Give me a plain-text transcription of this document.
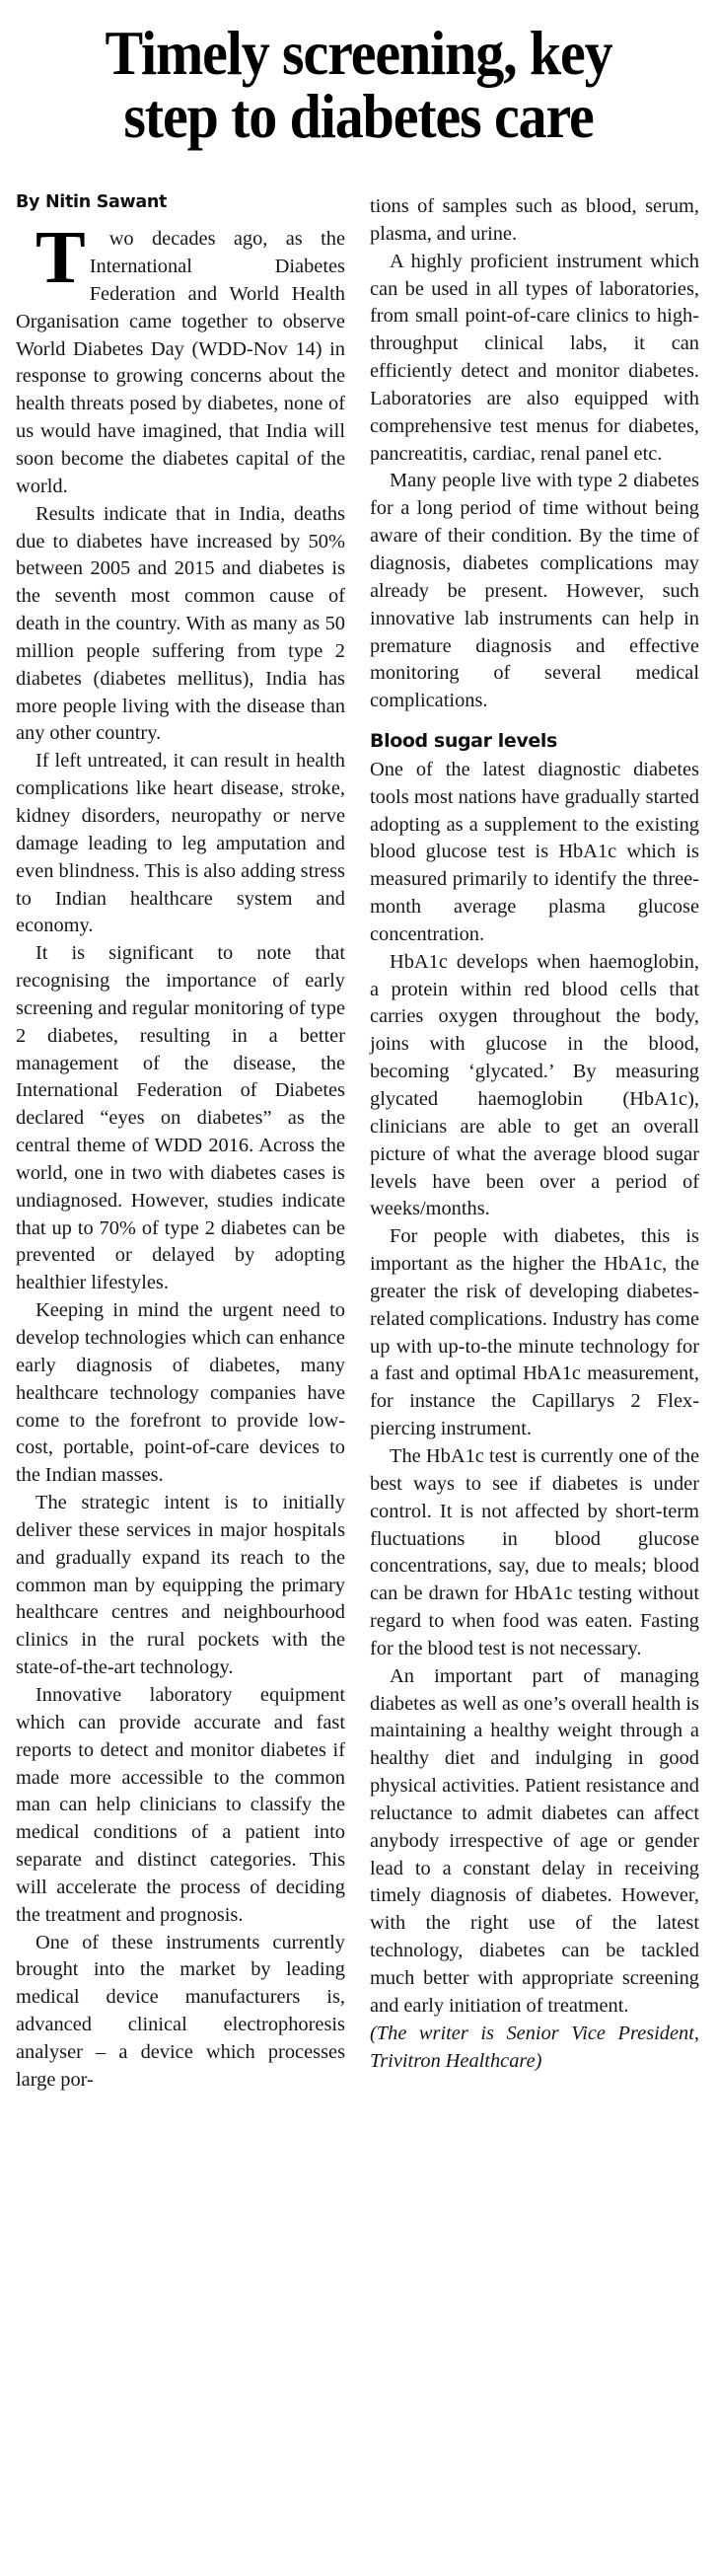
Timely screening, key
step to diabetes care
By Nitin Sawant

Two decades ago, as the International Diabetes Federation and World Health Organisation came together to observe World Diabetes Day (WDD-Nov 14) in response to growing concerns about the health threats posed by diabetes, none of us would have imagined, that India will soon become the diabetes capital of the world.

Results indicate that in India, deaths due to diabetes have increased by 50% between 2005 and 2015 and diabetes is the seventh most common cause of death in the country. With as many as 50 million people suffering from type 2 diabetes (diabetes mellitus), India has more people living with the disease than any other country.

If left untreated, it can result in health complications like heart disease, stroke, kidney disorders, neuropathy or nerve damage leading to leg amputation and even blindness. This is also adding stress to Indian healthcare system and economy.

It is significant to note that recognising the importance of early screening and regular monitoring of type 2 diabetes, resulting in a better management of the disease, the International Federation of Diabetes declared “eyes on diabetes” as the central theme of WDD 2016. Across the world, one in two with diabetes cases is undiagnosed. However, studies indicate that up to 70% of type 2 diabetes can be prevented or delayed by adopting healthier lifestyles.

Keeping in mind the urgent need to develop technologies which can enhance early diagnosis of diabetes, many healthcare technology companies have come to the forefront to provide low-cost, portable, point-of-care devices to the Indian masses.

The strategic intent is to initially deliver these services in major hospitals and gradually expand its reach to the common man by equipping the primary healthcare centres and neighbourhood clinics in the rural pockets with the state-of-the-art technology.

Innovative laboratory equipment which can provide accurate and fast reports to detect and monitor diabetes if made more accessible to the common man can help clinicians to classify the medical conditions of a patient into separate and distinct categories. This will accelerate the process of deciding the treatment and prognosis.

One of these instruments currently brought into the market by leading medical device manufacturers is, advanced clinical electrophoresis analyser – a device which processes large por-

tions of samples such as blood, serum, plasma, and urine.

A highly proficient instrument which can be used in all types of laboratories, from small point-of-care clinics to high-throughput clinical labs, it can efficiently detect and monitor diabetes. Laboratories are also equipped with comprehensive test menus for diabetes, pancreatitis, cardiac, renal panel etc.

Many people live with type 2 diabetes for a long period of time without being aware of their condition. By the time of diagnosis, diabetes complications may already be present. However, such innovative lab instruments can help in premature diagnosis and effective monitoring of several medical complications.

Blood sugar levels

One of the latest diagnostic diabetes tools most nations have gradually started adopting as a supplement to the existing blood glucose test is HbA1c which is measured primarily to identify the three-month average plasma glucose concentration.

HbA1c develops when haemoglobin, a protein within red blood cells that carries oxygen throughout the body, joins with glucose in the blood, becoming ‘glycated.’ By measuring glycated haemoglobin (HbA1c), clinicians are able to get an overall picture of what the average blood sugar levels have been over a period of weeks/months.

For people with diabetes, this is important as the higher the HbA1c, the greater the risk of developing diabetes-related complications. Industry has come up with up-to-the minute technology for a fast and optimal HbA1c measurement, for instance the Capillarys 2 Flex-piercing instrument.

The HbA1c test is currently one of the best ways to see if diabetes is under control. It is not affected by short-term fluctuations in blood glucose concentrations, say, due to meals; blood can be drawn for HbA1c testing without regard to when food was eaten. Fasting for the blood test is not necessary.

An important part of managing diabetes as well as one’s overall health is maintaining a healthy weight through a healthy diet and indulging in good physical activities. Patient resistance and reluctance to admit diabetes can affect anybody irrespective of age or gender lead to a constant delay in receiving timely diagnosis of diabetes. However, with the right use of the latest technology, diabetes can be tackled much better with appropriate screening and early initiation of treatment.

(The writer is Senior Vice President, Trivitron Healthcare)
